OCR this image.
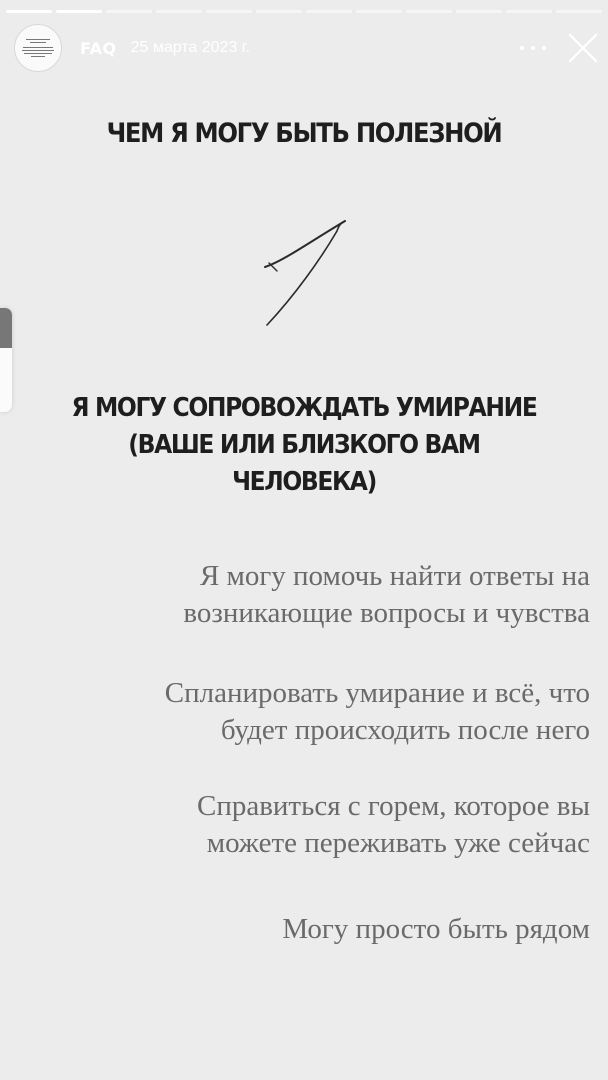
FAQ 25 марта 2023 г.
ЧЕМ Я МОГУ БЫТЬ ПОЛЕЗНОЙ
Я МОГУ СОПРОВОЖДАТЬ УМИРАНИЕ
(ВАШЕ ИЛИ БЛИЗКОГО ВАМ
ЧЕЛОВЕКА)
Я могу помочь найти ответы на
возникающие вопросы и чувства
Спланировать умирание и всё, что
будет происходить после него
Справиться с горем, которое вы
можете переживать уже сейчас
Могу просто быть рядом
